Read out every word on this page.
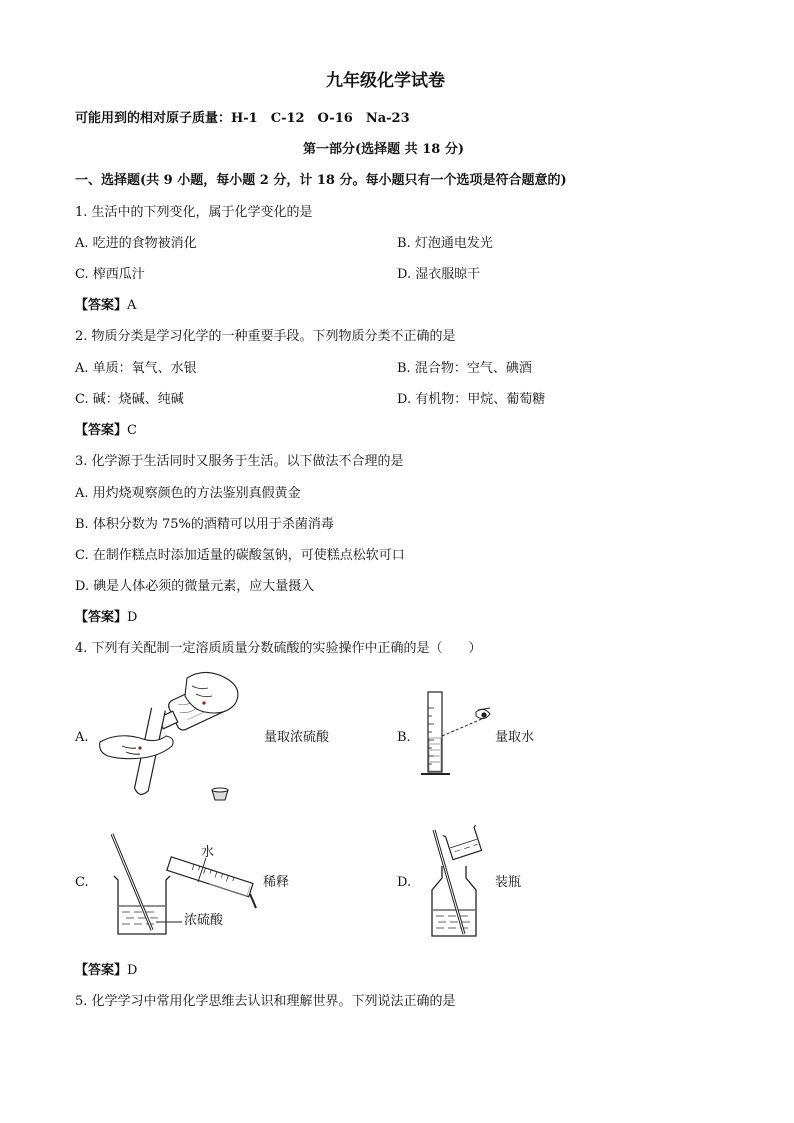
九年级化学试卷
可能用到的相对原子质量：H-1　C-12　O-16　Na-23
第一部分(选择题 共 18 分)
一、选择题(共 9 小题，每小题 2 分，计 18 分。每小题只有一个选项是符合题意的)
1. 生活中的下列变化，属于化学变化的是
A. 吃进的食物被消化	B. 灯泡通电发光
C. 榨西瓜汁	D. 湿衣服晾干
【答案】A
2. 物质分类是学习化学的一种重要手段。下列物质分类不正确的是
A. 单质：氧气、水银	B. 混合物：空气、碘酒
C. 碱：烧碱、纯碱	D. 有机物：甲烷、葡萄糖
【答案】C
3. 化学源于生活同时又服务于生活。以下做法不合理的是
A. 用灼烧观察颜色的方法鉴别真假黄金
B. 体积分数为 75%的酒精可以用于杀菌消毒
C. 在制作糕点时添加适量的碳酸氢钠，可使糕点松软可口
D. 碘是人体必须的微量元素，应大量摄入
【答案】D
4. 下列有关配制一定溶质质量分数硫酸的实验操作中正确的是（　　）
A.	量取浓硫酸	B.	量取水
C.
水
浓硫酸
稀释	D.	装瓶
【答案】D
5. 化学学习中常用化学思维去认识和理解世界。下列说法正确的是
